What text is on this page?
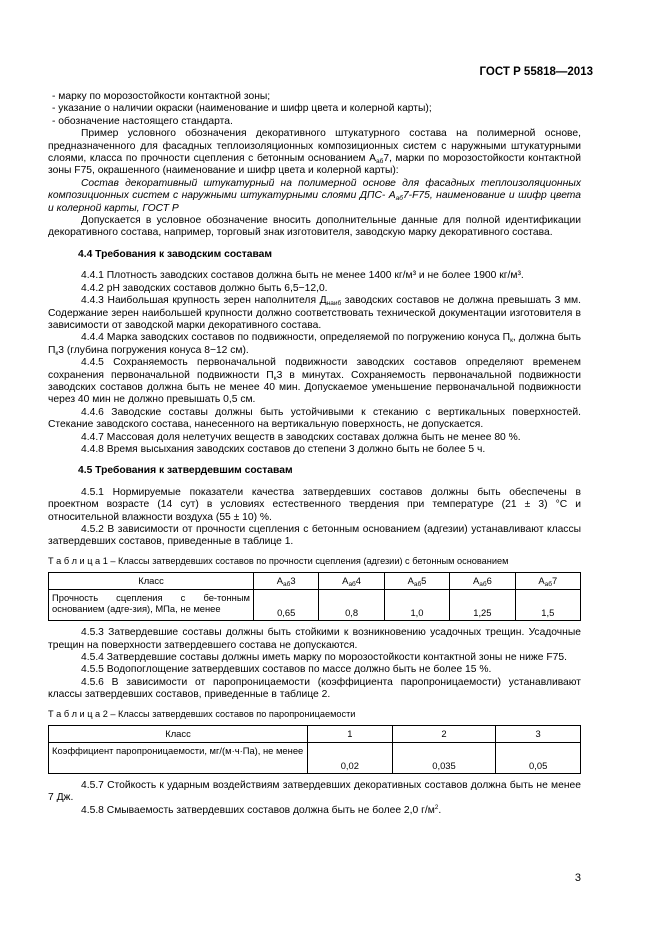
ГОСТ Р 55818—2013

- марку по морозостойкости контактной зоны;

- указание о наличии окраски (наименование и шифр цвета и колерной карты);

- обозначение настоящего стандарта.

Пример условного обозначения декоративного штукатурного состава на полимерной основе, предназначенного для фасадных теплоизоляционных композиционных систем с наружными штукатурными слоями, класса по прочности сцепления с бетонным основанием $А_{аб}7$, марки по морозостойкости контактной зоны F75, окрашенного (наименование и шифр цвета и колерной карты):

Состав декоративный штукатурный на полимерной основе для фасадных теплоизоляционных композиционных систем с наружными штукатурными слоями ДПС- $А_{аб}7-F75$, наименование и шифр цвета и колерной карты, ГОСТ Р

Допускается в условное обозначение вносить дополнительные данные для полной идентификации декоративного состава, например, торговый знак изготовителя, заводскую марку декоративного состава.

4.4 Требования к заводским составам

4.4.1 Плотность заводских составов должна быть не менее 1400 кг/м³ и не более 1900 кг/м³.

4.4.2 pH заводских составов должно быть 6,5−12,0.

4.4.3 Наибольшая крупность зерен наполнителя $Д_{наиб}$ заводских составов не должна превышать 3 мм. Содержание зерен наибольшей крупности должно соответствовать технической документации изготовителя в зависимости от заводской марки декоративного состава.

4.4.4 Марка заводских составов по подвижности, определяемой по погружению конуса $П_к$, должна быть $П_к3$ (глубина погружения конуса 8−12 см).

4.4.5 Сохраняемость первоначальной подвижности заводских составов определяют временем сохранения первоначальной подвижности $П_к3$ в минутах. Сохраняемость первоначальной подвижности заводских составов должна быть не менее 40 мин. Допускаемое уменьшение первоначальной подвижности через 40 мин не должно превышать 0,5 см.

4.4.6 Заводские составы должны быть устойчивыми к стеканию с вертикальных поверхностей. Стекание заводского состава, нанесенного на вертикальную поверхность, не допускается.

4.4.7 Массовая доля нелетучих веществ в заводских составах должна быть не менее 80 %.

4.4.8 Время высыхания заводских составов до степени 3 должно быть не более 5 ч.

4.5 Требования к затвердевшим составам

4.5.1 Нормируемые показатели качества затвердевших составов должны быть обеспечены в проектном возрасте (14 сут) в условиях естественного твердения при температуре (21 ± 3) °С и относительной влажности воздуха (55 ± 10) %.

4.5.2 В зависимости от прочности сцепления с бетонным основанием (адгезии) устанавливают классы затвердевших составов, приведенные в таблице 1.

Т а б л и ц а 1 – Классы затвердевших составов по прочности сцепления (адгезии) с бетонным основанием

Класс	$А_{аб}3$	$А_{аб}4$	$А_{аб}5$	$А_{аб}6$	$А_{аб}7$
Прочность сцепления с бе-тонным основанием (адге-зия), МПа, не менее	0,65	0,8	1,0	1,25	1,5

4.5.3 Затвердевшие составы должны быть стойкими к возникновению усадочных трещин. Усадочные трещин на поверхности затвердевшего состава не допускаются.

4.5.4 Затвердевшие составы должны иметь марку по морозостойкости контактной зоны не ниже F75.

4.5.5 Водопоглощение затвердевших составов по массе должно быть не более 15 %.

4.5.6 В зависимости от паропроницаемости (коэффициента паропроницаемости) устанавливают классы затвердевших составов, приведенные в таблице 2.

Т а б л и ц а 2 – Классы затвердевших составов по паропроницаемости

Класс	1	2	3
Коэффициент паропроницаемости, мг/(м·ч·Па), не менее	0,02	0,035	0,05

4.5.7 Стойкость к ударным воздействиям затвердевших декоративных составов должна быть не менее 7 Дж.

4.5.8 Смываемость затвердевших составов должна быть не более 2,0 $г/м^2$.

3
